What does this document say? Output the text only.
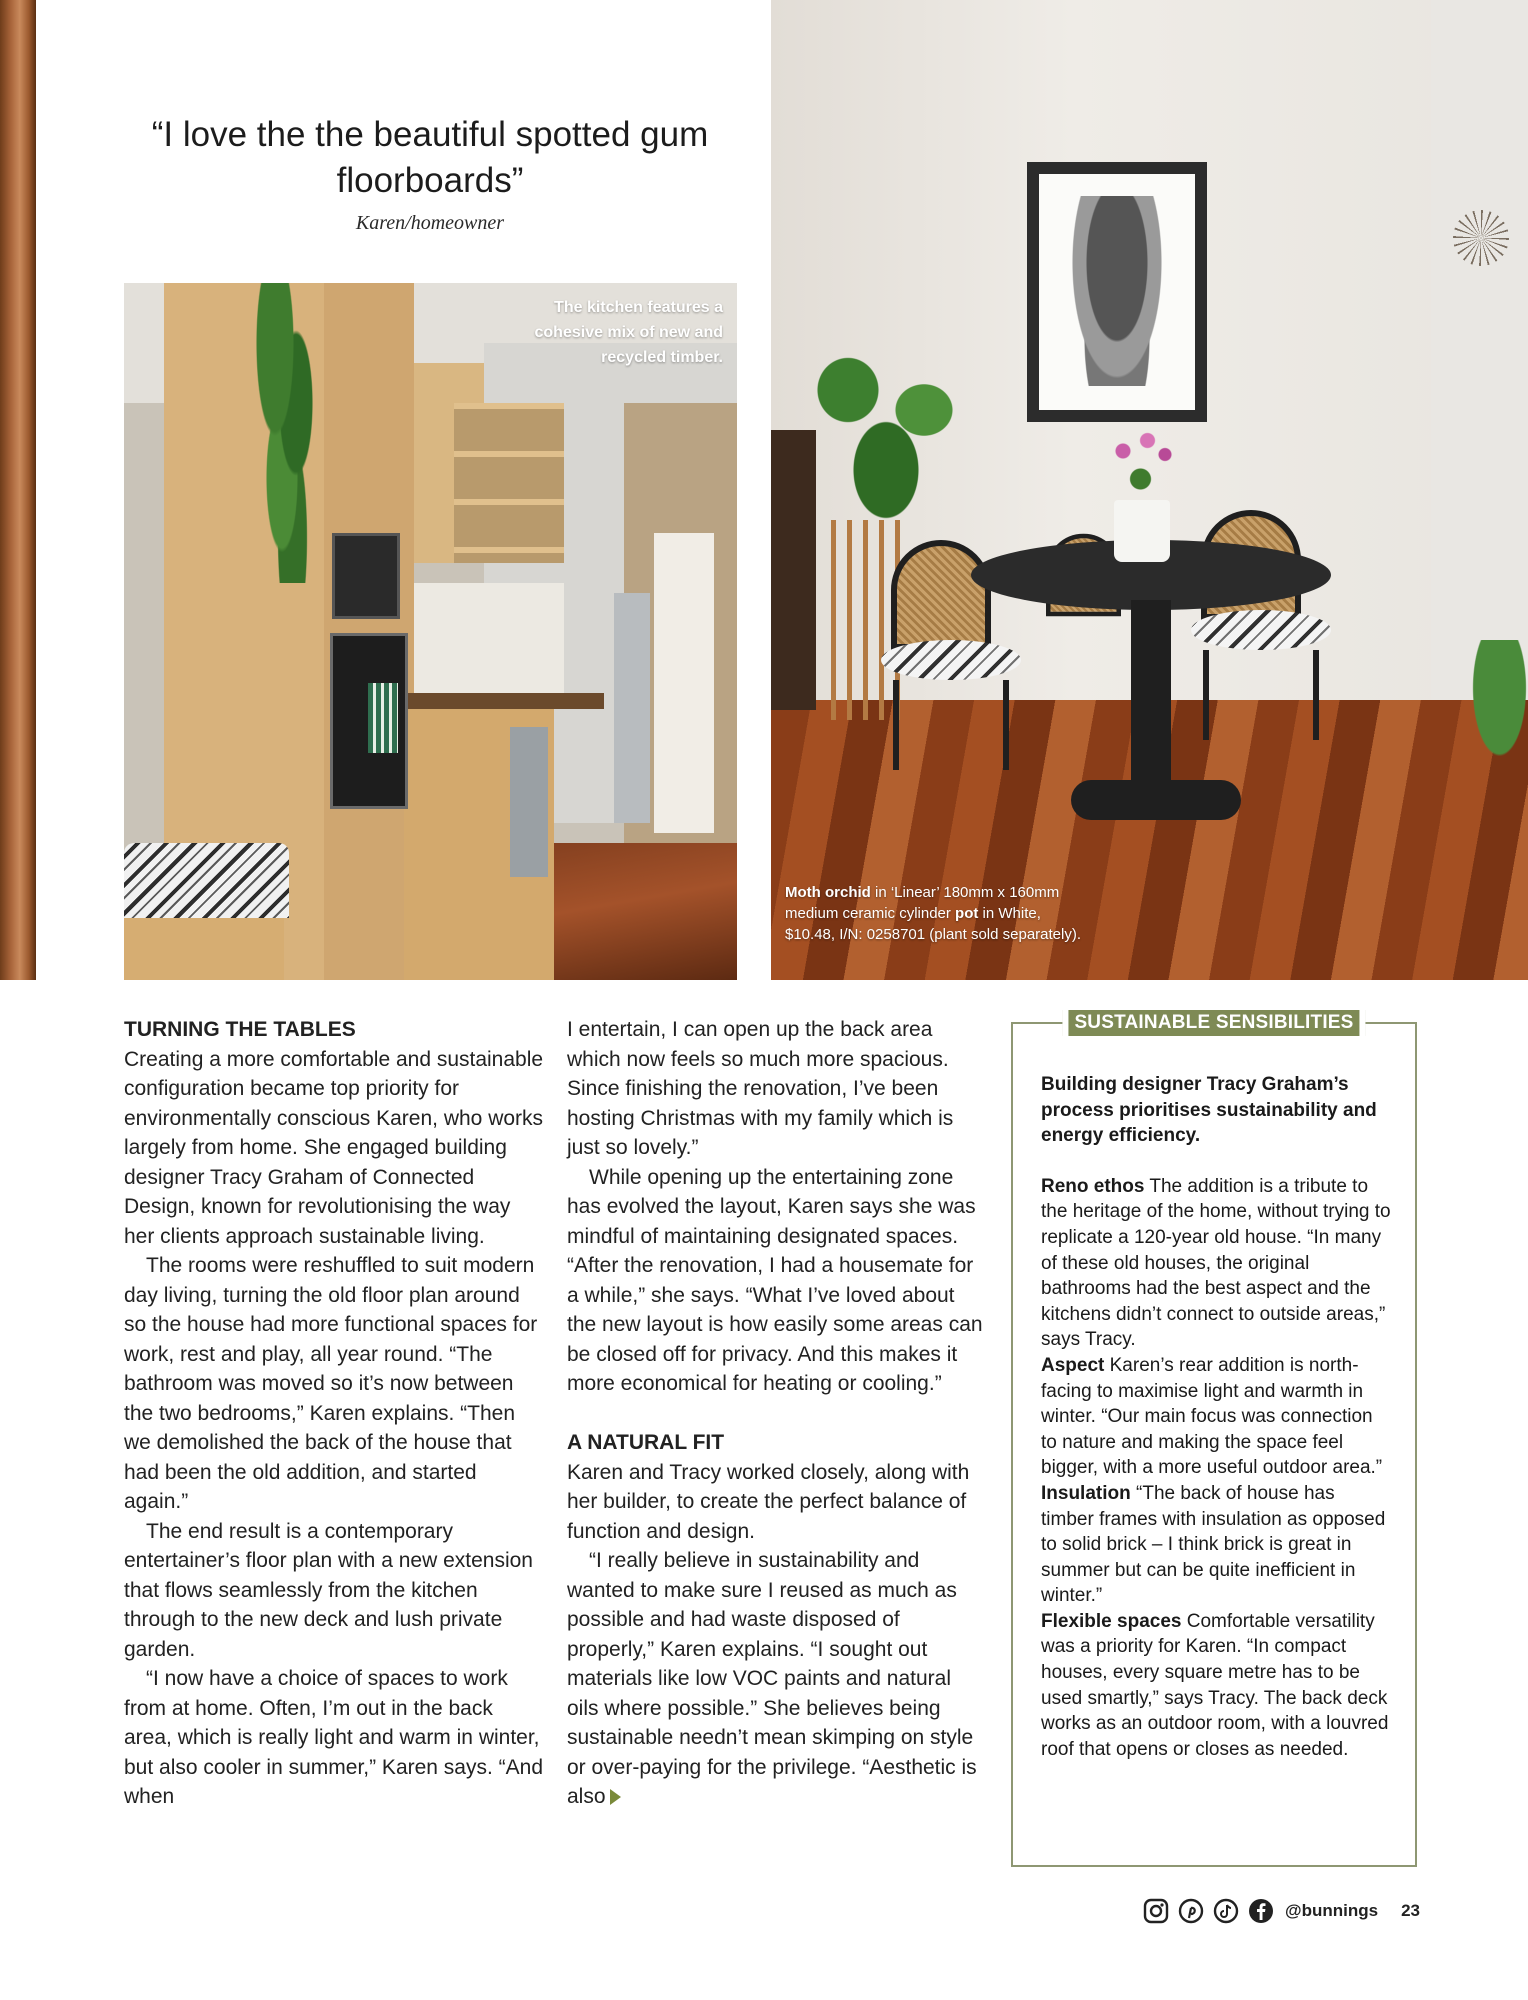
“I love the the beautiful spotted gum floorboards”
Karen/homeowner
The kitchen features a cohesive mix of new and recycled timber.
Moth orchid in ‘Linear’ 180mm x 160mm medium ceramic cylinder pot in White, $10.48, I/N: 0258701 (plant sold separately).
TURNING THE TABLES

Creating a more comfortable and sustainable configuration became top priority for environmentally conscious Karen, who works largely from home. She engaged building designer Tracy Graham of Connected Design, known for revolutionising the way her clients approach sustainable living.

The rooms were reshuffled to suit modern day living, turning the old floor plan around so the house had more functional spaces for work, rest and play, all year round. “The bathroom was moved so it’s now between the two bedrooms,” Karen explains. “Then we demolished the back of the house that had been the old addition, and started again.”

The end result is a contemporary entertainer’s floor plan with a new extension that flows seamlessly from the kitchen through to the new deck and lush private garden.

“I now have a choice of spaces to work from at home. Often, I’m out in the back area, which is really light and warm in winter, but also cooler in summer,” Karen says. “And when

I entertain, I can open up the back area which now feels so much more spacious. Since finishing the renovation, I’ve been hosting Christmas with my family which is just so lovely.”

While opening up the entertaining zone has evolved the layout, Karen says she was mindful of maintaining designated spaces. “After the renovation, I had a housemate for a while,” she says. “What I’ve loved about the new layout is how easily some areas can be closed off for privacy. And this makes it more economical for heating or cooling.”

A NATURAL FIT

Karen and Tracy worked closely, along with her builder, to create the perfect balance of function and design.

“I really believe in sustainability and wanted to make sure I reused as much as possible and had waste disposed of properly,” Karen explains. “I sought out materials like low VOC paints and natural oils where possible.” She believes being sustainable needn’t mean skimping on style or over-paying for the privilege. “Aesthetic is also

SUSTAINABLE SENSIBILITIES

Building designer Tracy Graham’s process prioritises sustainability and energy efficiency.

Reno ethos The addition is a tribute to the heritage of the home, without trying to replicate a 120-year old house. “In many of these old houses, the original bathrooms had the best aspect and the kitchens didn’t connect to outside areas,” says Tracy.
Aspect Karen’s rear addition is north-facing to maximise light and warmth in winter. “Our main focus was connection to nature and making the space feel bigger, with a more useful outdoor area.”
Insulation “The back of house has timber frames with insulation as opposed to solid brick – I think brick is great in summer but can be quite inefficient in winter.”
Flexible spaces Comfortable versatility was a priority for Karen. “In compact houses, every square metre has to be used smartly,” says Tracy. The back deck works as an outdoor room, with a louvred roof that opens or closes as needed.

@bunnings 23
